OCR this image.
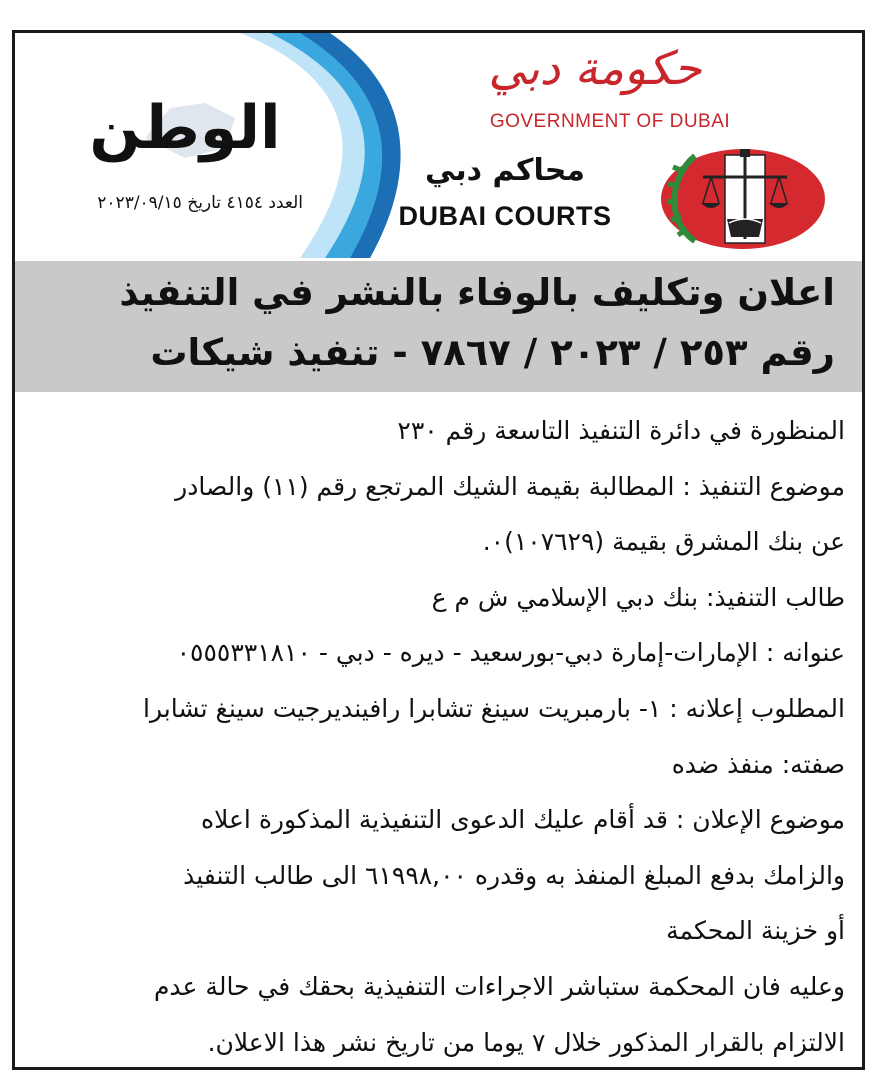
الوطن
العدد ٤١٥٤ تاريخ ٢٠٢٣/٠٩/١٥
حكومة دبي
GOVERNMENT OF DUBAI
محاكم دبي
DUBAI COURTS
اعلان وتكليف بالوفاء بالنشر في التنفيذ
رقم ٢٥٣ / ٢٠٢٣ / ٧٨٦٧ - تنفيذ شيكات
المنظورة في دائرة التنفيذ التاسعة رقم ٢٣٠
موضوع التنفيذ : المطالبة بقيمة الشيك المرتجع رقم (١١) والصادر
عن بنك المشرق بقيمة (١٠٧٦٢٩)٠.
طالب التنفيذ: بنك دبي الإسلامي ش م ع
عنوانه : الإمارات-إمارة دبي-بورسعيد - ديره - دبي - ٠٥٥٥٣٣١٨١٠
المطلوب إعلانه : ١- بارمبريت سينغ تشابرا رافينديرجيت سينغ تشابرا
صفته: منفذ ضده
موضوع الإعلان : قد أقام عليك الدعوى التنفيذية المذكورة اعلاه
والزامك بدفع المبلغ المنفذ به وقدره ٦١٩٩٨,٠٠ الى طالب التنفيذ
أو خزينة المحكمة
وعليه فان المحكمة ستباشر الاجراءات التنفيذية بحقك في حالة عدم
الالتزام بالقرار المذكور خلال ٧ يوما من تاريخ نشر هذا الاعلان.
